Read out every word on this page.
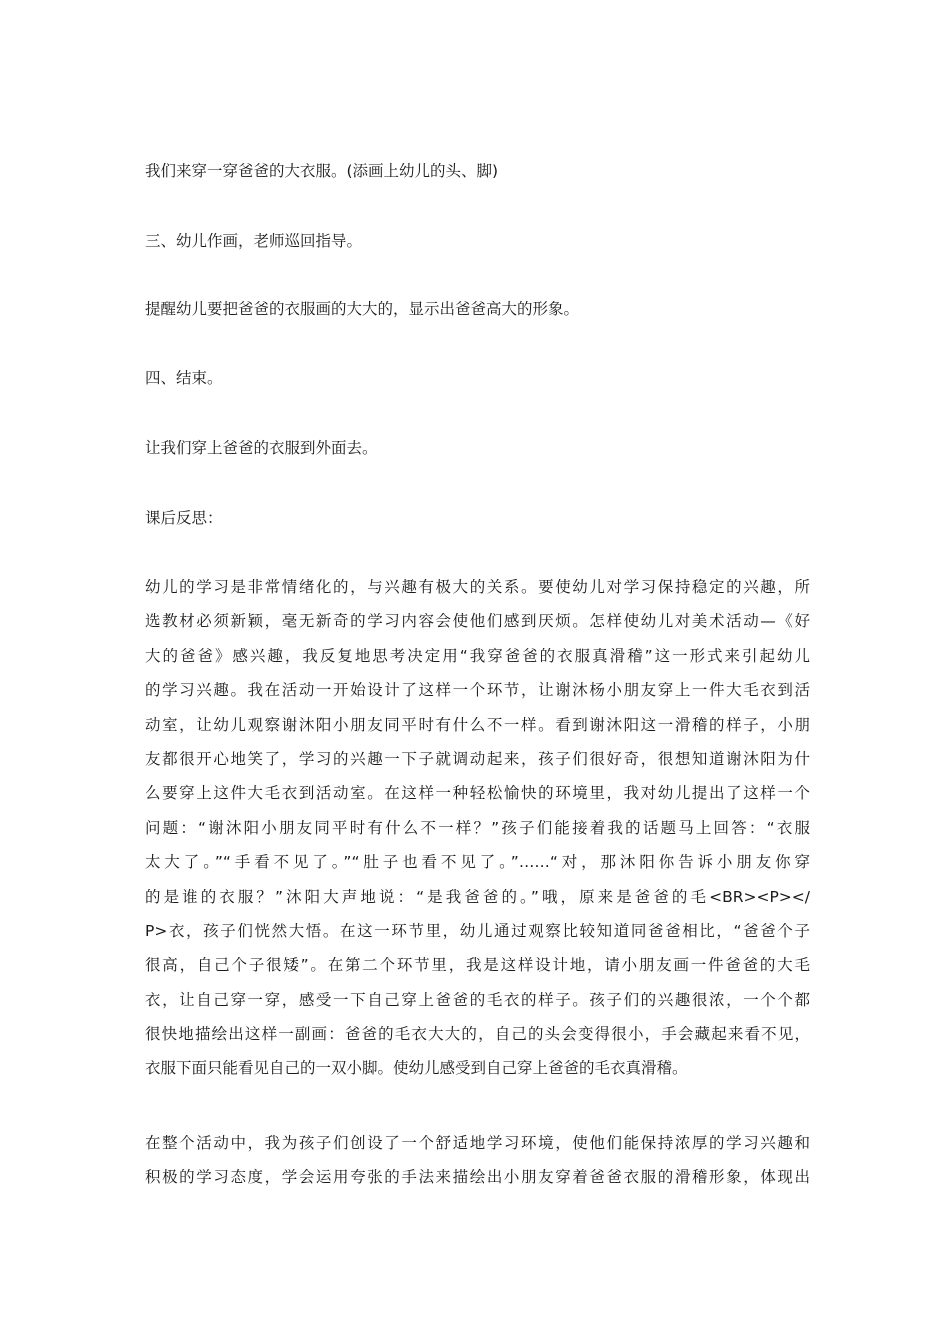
我们来穿一穿爸爸的大衣服。(添画上幼儿的头、脚)
三、幼儿作画，老师巡回指导。
提醒幼儿要把爸爸的衣服画的大大的，显示出爸爸高大的形象。
四、结束。
让我们穿上爸爸的衣服到外面去。
课后反思：
幼儿的学习是非常情绪化的，与兴趣有极大的关系。要使幼儿对学习保持稳定的兴趣，所
选教材必须新颖，毫无新奇的学习内容会使他们感到厌烦。怎样使幼儿对美术活动—《好
大的爸爸》感兴趣，我反复地思考决定用“我穿爸爸的衣服真滑稽”这一形式来引起幼儿
的学习兴趣。我在活动一开始设计了这样一个环节，让谢沐杨小朋友穿上一件大毛衣到活
动室，让幼儿观察谢沐阳小朋友同平时有什么不一样。看到谢沐阳这一滑稽的样子，小朋
友都很开心地笑了，学习的兴趣一下子就调动起来，孩子们很好奇，很想知道谢沐阳为什
么要穿上这件大毛衣到活动室。在这样一种轻松愉快的环境里，我对幼儿提出了这样一个
问题：“谢沐阳小朋友同平时有什么不一样？”孩子们能接着我的话题马上回答：“衣服
太大了。”“手看不见了。”“肚子也看不见了。”……“对，那沐阳你告诉小朋友你穿
的是谁的衣服？”沐阳大声地说：“是我爸爸的。”哦，原来是爸爸的毛<BR><P></
P>衣，孩子们恍然大悟。在这一环节里，幼儿通过观察比较知道同爸爸相比，“爸爸个子
很高，自己个子很矮”。在第二个环节里，我是这样设计地，请小朋友画一件爸爸的大毛
衣，让自己穿一穿，感受一下自己穿上爸爸的毛衣的样子。孩子们的兴趣很浓，一个个都
很快地描绘出这样一副画：爸爸的毛衣大大的，自己的头会变得很小，手会藏起来看不见，
衣服下面只能看见自己的一双小脚。使幼儿感受到自己穿上爸爸的毛衣真滑稽。
在整个活动中，我为孩子们创设了一个舒适地学习环境，使他们能保持浓厚的学习兴趣和
积极的学习态度，学会运用夸张的手法来描绘出小朋友穿着爸爸衣服的滑稽形象，体现出
